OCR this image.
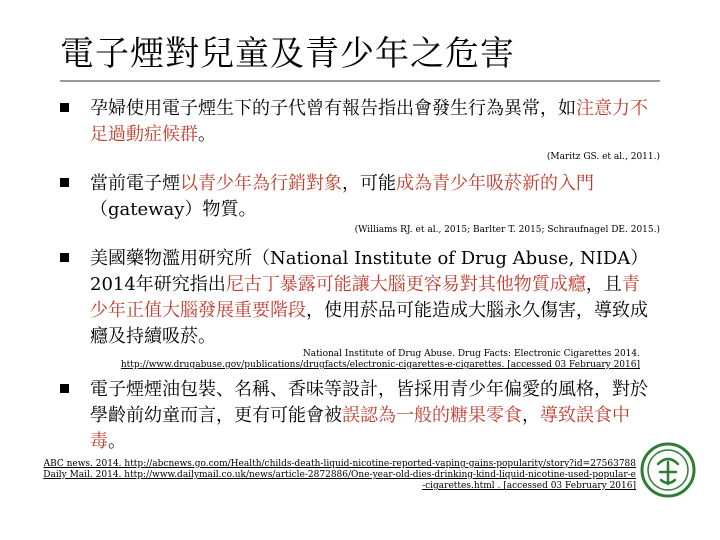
電子煙對兒童及青少年之危害
孕婦使用電子煙生下的子代曾有報告指出會發生行為異常，如注意力不足過動症候群。
(Maritz GS. et al., 2011.)
當前電子煙以青少年為行銷對象，可能成為青少年吸菸新的入門（gateway）物質。
(Williams RJ. et al., 2015; Barlter T. 2015; Schraufnagel DE. 2015.)
美國藥物濫用研究所（National Institute of Drug Abuse, NIDA）2014年研究指出尼古丁暴露可能讓大腦更容易對其他物質成癮，且青少年正值大腦發展重要階段，使用菸品可能造成大腦永久傷害，導致成癮及持續吸菸。
National Institute of Drug Abuse. Drug Facts: Electronic Cigarettes 2014.
http://www.drugabuse.gov/publications/drugfacts/electronic-cigarettes-e-cigarettes. [accessed 03 February 2016]
電子煙煙油包裝、名稱、香味等設計，皆採用青少年偏愛的風格，對於學齡前幼童而言，更有可能會被誤認為一般的糖果零食，導致誤食中毒。
ABC news. 2014. http://abcnews.go.com/Health/childs-death-liquid-nicotine-reported-vaping-gains-popularity/story?id=27563788
Daily Mail. 2014. http://www.dailymail.co.uk/news/article-2872886/One-year-old-dies-drinking-kind-liquid-nicotine-used-popular-e
-cigarettes.html . [accessed 03 February 2016]
